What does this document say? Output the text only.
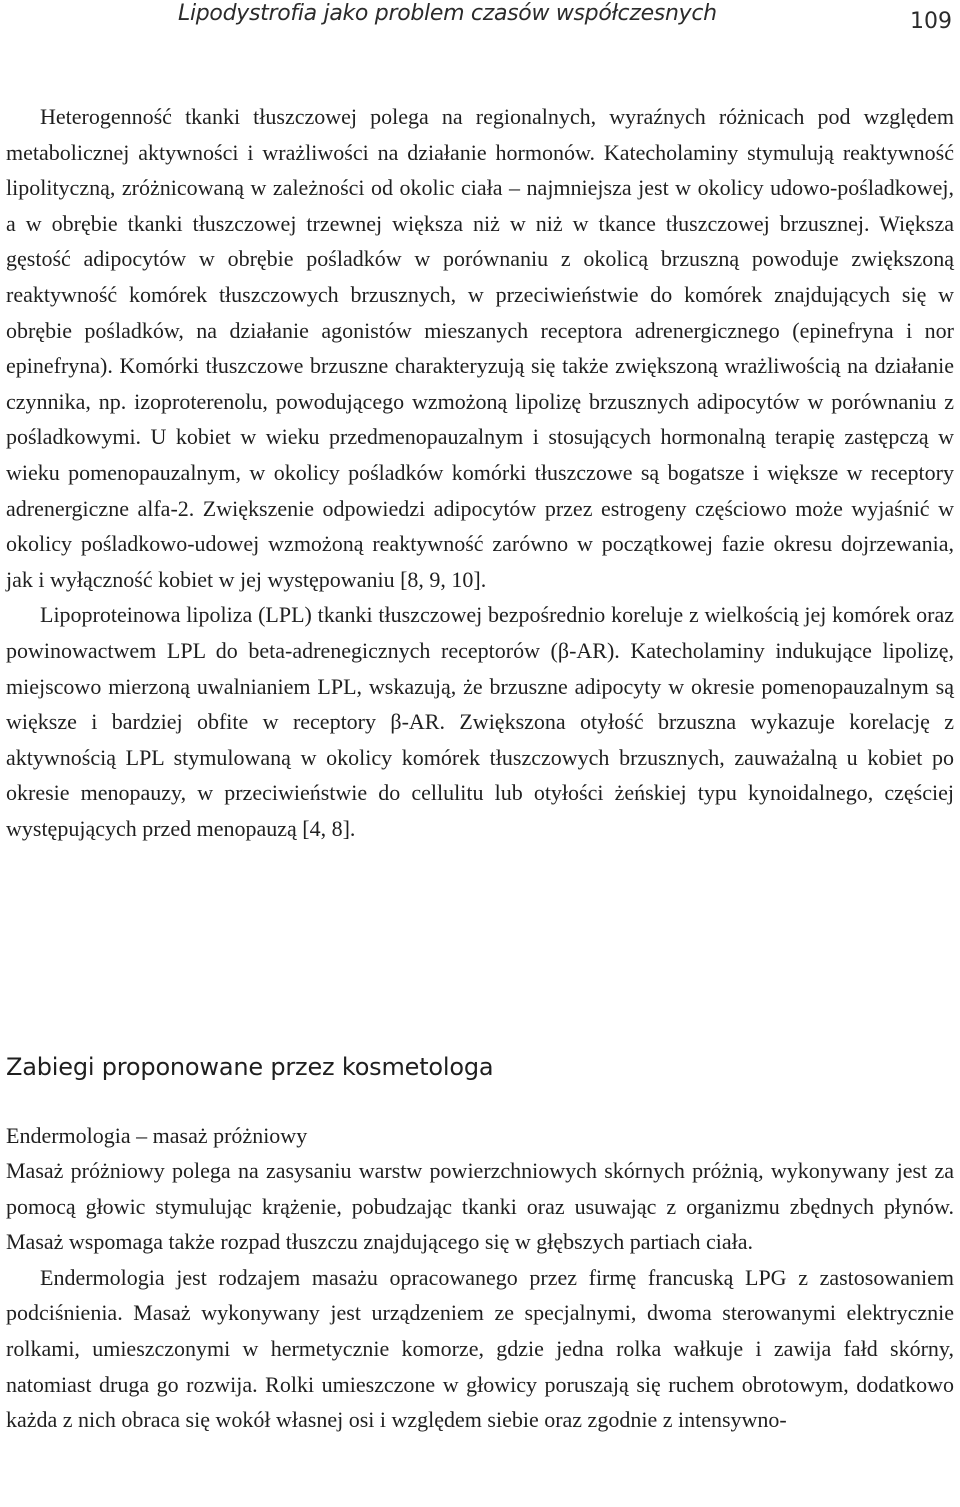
Lipodystrofia jako problem czasów współczesnych	109

Heterogenność tkanki tłuszczowej polega na regionalnych, wyraźnych różnicach pod względem metabolicznej aktywności i wrażliwości na działanie hormonów. Katecholaminy stymulują reaktywność lipolityczną, zróżnicowaną w zależności od okolic ciała – najmniejsza jest w okolicy udowo-pośladkowej, a w obrębie tkanki tłuszczowej trzewnej większa niż w niż w tkance tłuszczowej brzusznej. Większa gęstość adipocytów w obrębie pośladków w porównaniu z okolicą brzuszną powoduje zwiększoną reaktywność komórek tłuszczowych brzusznych, w przeciwieństwie do komórek znajdujących się w obrębie pośladków, na działanie agonistów mieszanych receptora adrenergicznego (epinefryna i nor epinefryna). Komórki tłuszczowe brzuszne charakteryzują się także zwiększoną wrażliwością na działanie czynnika, np. izoproterenolu, powodującego wzmożoną lipolizę brzusznych adipocytów w porównaniu z pośladkowymi. U kobiet w wieku przedmenopauzalnym i stosujących hormonalną terapię zastępczą w wieku pomenopauzalnym, w okolicy pośladków komórki tłuszczowe są bogatsze i większe w receptory adrenergiczne alfa-2. Zwiększenie odpowiedzi adipocytów przez estrogeny częściowo może wyjaśnić w okolicy pośladkowo-udowej wzmożoną reaktywność zarówno w początkowej fazie okresu dojrzewania, jak i wyłączność kobiet w jej występowaniu [8, 9, 10].

Lipoproteinowa lipoliza (LPL) tkanki tłuszczowej bezpośrednio koreluje z wielkością jej komórek oraz powinowactwem LPL do beta-adrenegicznych receptorów (β-AR). Katecholaminy indukujące lipolizę, miejscowo mierzoną uwalnianiem LPL, wskazują, że brzuszne adipocyty w okresie pomenopauzalnym są większe i bardziej obfite w receptory β-AR. Zwiększona otyłość brzuszna wykazuje korelację z aktywnością LPL stymulowaną w okolicy komórek tłuszczowych brzusznych, zauważalną u kobiet po okresie menopauzy, w przeciwieństwie do cellulitu lub otyłości żeńskiej typu kynoidalnego, częściej występujących przed menopauzą [4, 8].

Zabiegi proponowane przez kosmetologa
Endermologia – masaż próżniowy

Masaż próżniowy polega na zasysaniu warstw powierzchniowych skórnych próżnią, wykonywany jest za pomocą głowic stymulując krążenie, pobudzając tkanki oraz usuwając z organizmu zbędnych płynów. Masaż wspomaga także rozpad tłuszczu znajdującego się w głębszych partiach ciała.

Endermologia jest rodzajem masażu opracowanego przez firmę francuską LPG z zastosowaniem podciśnienia. Masaż wykonywany jest urządzeniem ze specjalnymi, dwoma sterowanymi elektrycznie rolkami, umieszczonymi w hermetycznie komorze, gdzie jedna rolka wałkuje i zawija fałd skórny, natomiast druga go rozwija. Rolki umieszczone w głowicy poruszają się ruchem obrotowym, dodatkowo każda z nich obraca się wokół własnej osi i względem siebie oraz zgodnie z intensywno-
